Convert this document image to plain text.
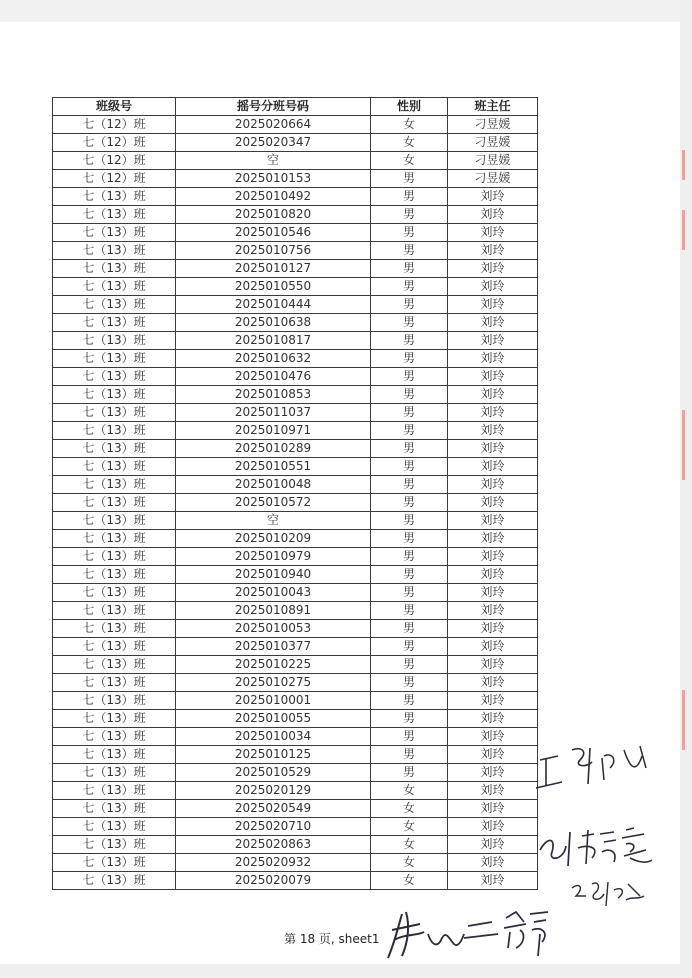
班级号	摇号分班号码	性别	班主任
七（12）班	2025020664	女	刁昱媛
七（12）班	2025020347	女	刁昱媛
七（12）班	空	女	刁昱媛
七（12）班	2025010153	男	刁昱媛
七（13）班	2025010492	男	刘玲
七（13）班	2025010820	男	刘玲
七（13）班	2025010546	男	刘玲
七（13）班	2025010756	男	刘玲
七（13）班	2025010127	男	刘玲
七（13）班	2025010550	男	刘玲
七（13）班	2025010444	男	刘玲
七（13）班	2025010638	男	刘玲
七（13）班	2025010817	男	刘玲
七（13）班	2025010632	男	刘玲
七（13）班	2025010476	男	刘玲
七（13）班	2025010853	男	刘玲
七（13）班	2025011037	男	刘玲
七（13）班	2025010971	男	刘玲
七（13）班	2025010289	男	刘玲
七（13）班	2025010551	男	刘玲
七（13）班	2025010048	男	刘玲
七（13）班	2025010572	男	刘玲
七（13）班	空	男	刘玲
七（13）班	2025010209	男	刘玲
七（13）班	2025010979	男	刘玲
七（13）班	2025010940	男	刘玲
七（13）班	2025010043	男	刘玲
七（13）班	2025010891	男	刘玲
七（13）班	2025010053	男	刘玲
七（13）班	2025010377	男	刘玲
七（13）班	2025010225	男	刘玲
七（13）班	2025010275	男	刘玲
七（13）班	2025010001	男	刘玲
七（13）班	2025010055	男	刘玲
七（13）班	2025010034	男	刘玲
七（13）班	2025010125	男	刘玲
七（13）班	2025010529	男	刘玲
七（13）班	2025020129	女	刘玲
七（13）班	2025020549	女	刘玲
七（13）班	2025020710	女	刘玲
七（13）班	2025020863	女	刘玲
七（13）班	2025020932	女	刘玲
七（13）班	2025020079	女	刘玲
第 18 页, sheet1
